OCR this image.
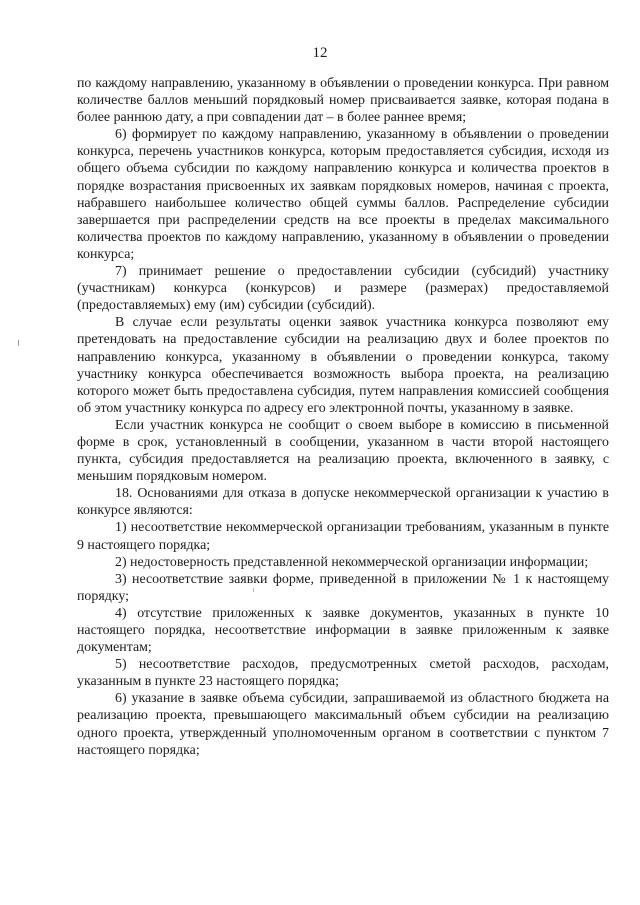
12

по каждому направлению, указанному в объявлении о проведении конкурса. При равном количестве баллов меньший порядковый номер присваивается заявке, которая подана в более раннюю дату, а при совпадении дат – в более раннее время;

6) формирует по каждому направлению, указанному в объявлении о проведении конкурса, перечень участников конкурса, которым предоставляется субсидия, исходя из общего объема субсидии по каждому направлению конкурса и количества проектов в порядке возрастания присвоенных их заявкам порядковых номеров, начиная с проекта, набравшего наибольшее количество общей суммы баллов. Распределение субсидии завершается при распределении средств на все проекты в пределах максимального количества проектов по каждому направлению, указанному в объявлении о проведении конкурса;

7) принимает решение о предоставлении субсидии (субсидий) участнику (участникам) конкурса (конкурсов) и размере (размерах) предоставляемой (предоставляемых) ему (им) субсидии (субсидий).

В случае если результаты оценки заявок участника конкурса позволяют ему претендовать на предоставление субсидии на реализацию двух и более проектов по направлению конкурса, указанному в объявлении о проведении конкурса, такому участнику конкурса обеспечивается возможность выбора проекта, на реализацию которого может быть предоставлена субсидия, путем направления комиссией сообщения об этом участнику конкурса по адресу его электронной почты, указанному в заявке.

Если участник конкурса не сообщит о своем выборе в комиссию в письменной форме в срок, установленный в сообщении, указанном в части второй настоящего пункта, субсидия предоставляется на реализацию проекта, включенного в заявку, с меньшим порядковым номером.

18. Основаниями для отказа в допуске некоммерческой организации к участию в конкурсе являются:

1) несоответствие некоммерческой организации требованиям, указанным в пункте 9 настоящего порядка;

2) недостоверность представленной некоммерческой организации информации;

3) несоответствие заявки форме, приведенной в приложении № 1 к настоящему порядку;

4) отсутствие приложенных к заявке документов, указанных в пункте 10 настоящего порядка, несоответствие информации в заявке приложенным к заявке документам;

5) несоответствие расходов, предусмотренных сметой расходов, расходам, указанным в пункте 23 настоящего порядка;

6) указание в заявке объема субсидии, запрашиваемой из областного бюджета на реализацию проекта, превышающего максимальный объем субсидии на реализацию одного проекта, утвержденный уполномоченным органом в соответствии с пунктом 7 настоящего порядка;
